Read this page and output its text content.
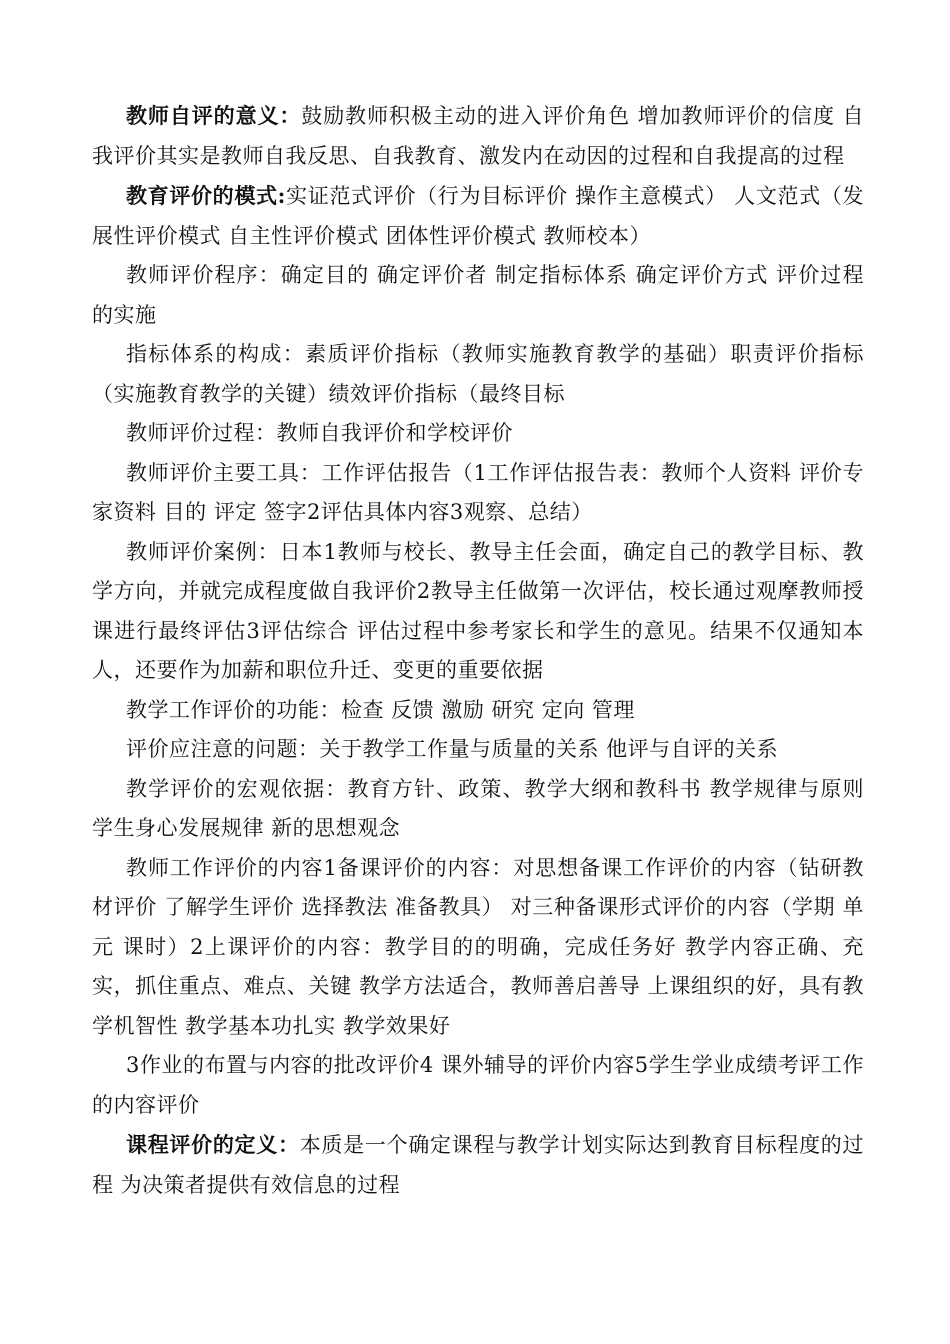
教师自评的意义：鼓励教师积极主动的进入评价角色 增加教师评价的信度 自我评价其实是教师自我反思、自我教育、激发内在动因的过程和自我提高的过程

教育评价的模式:实证范式评价（行为目标评价 操作主意模式） 人文范式（发展性评价模式 自主性评价模式 团体性评价模式 教师校本）

教师评价程序：确定目的 确定评价者 制定指标体系 确定评价方式 评价过程的实施

指标体系的构成：素质评价指标（教师实施教育教学的基础）职责评价指标（实施教育教学的关键）绩效评价指标（最终目标

教师评价过程：教师自我评价和学校评价

教师评价主要工具：工作评估报告（1工作评估报告表：教师个人资料 评价专家资料 目的 评定 签字2评估具体内容3观察、总结）

教师评价案例：日本1教师与校长、教导主任会面，确定自己的教学目标、教学方向，并就完成程度做自我评价2教导主任做第一次评估，校长通过观摩教师授课进行最终评估3评估综合 评估过程中参考家长和学生的意见。结果不仅通知本人，还要作为加薪和职位升迁、变更的重要依据

教学工作评价的功能：检查 反馈 激励 研究 定向 管理

评价应注意的问题：关于教学工作量与质量的关系 他评与自评的关系

教学评价的宏观依据：教育方针、政策、教学大纲和教科书 教学规律与原则 学生身心发展规律 新的思想观念

教师工作评价的内容1备课评价的内容：对思想备课工作评价的内容（钻研教材评价 了解学生评价 选择教法 准备教具） 对三种备课形式评价的内容（学期 单元 课时）2上课评价的内容：教学目的的明确，完成任务好 教学内容正确、充实，抓住重点、难点、关键 教学方法适合，教师善启善导 上课组织的好，具有教学机智性 教学基本功扎实 教学效果好

3作业的布置与内容的批改评价4 课外辅导的评价内容5学生学业成绩考评工作的内容评价

课程评价的定义：本质是一个确定课程与教学计划实际达到教育目标程度的过程 为决策者提供有效信息的过程
